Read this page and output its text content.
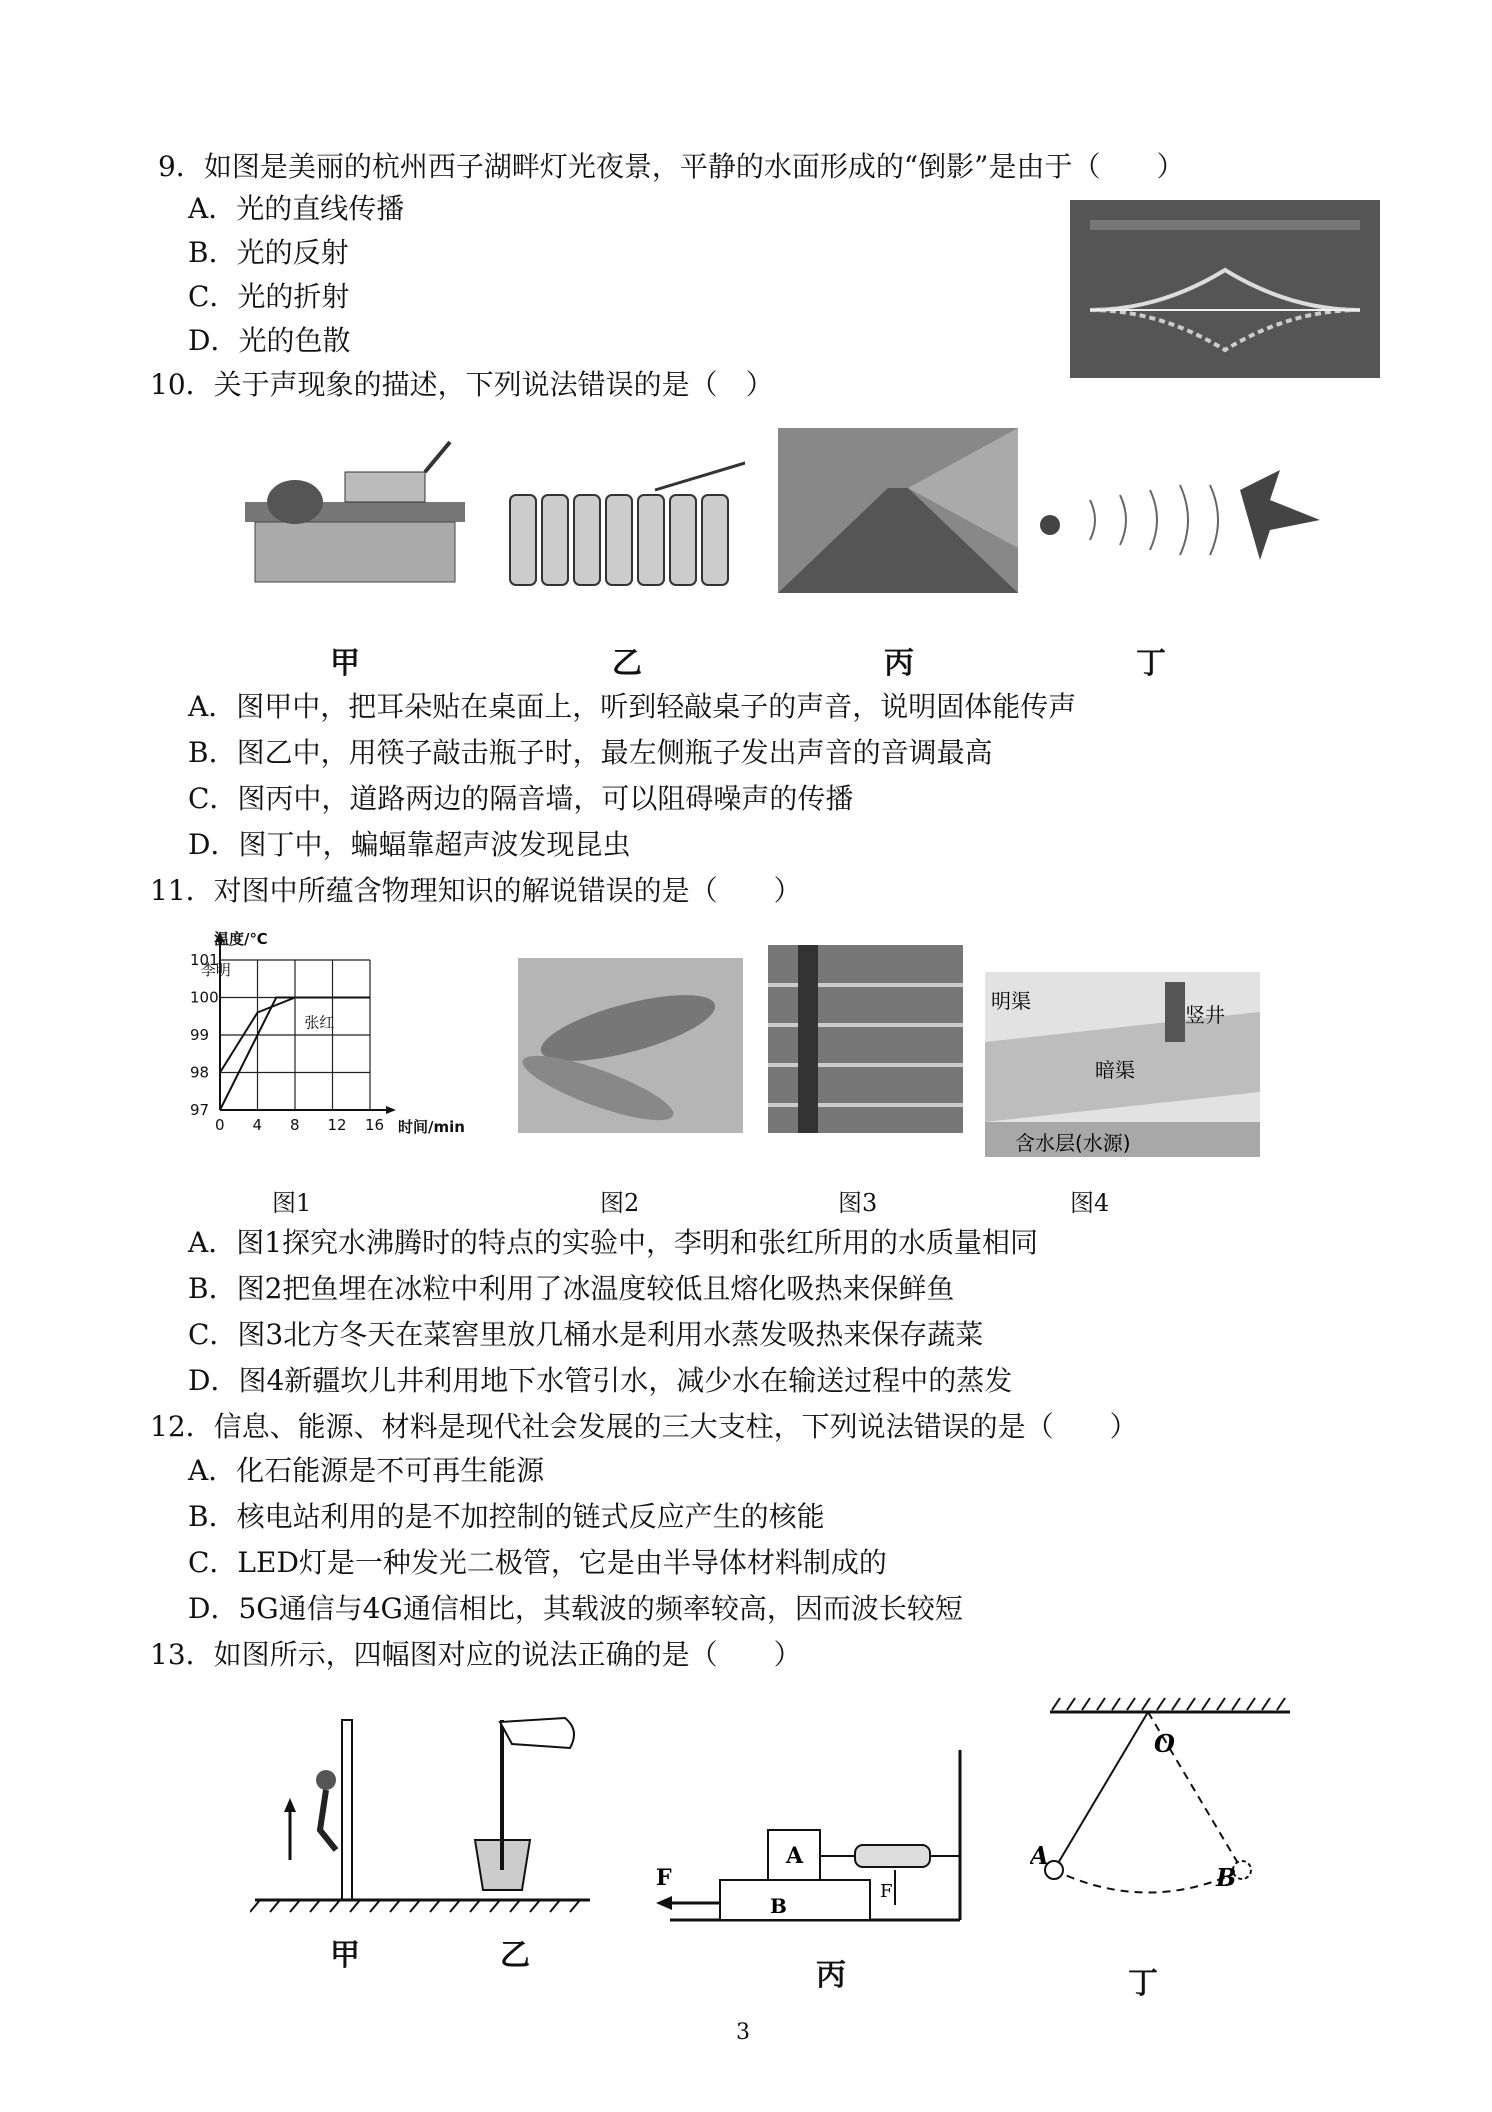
9．如图是美丽的杭州西子湖畔灯光夜景，平静的水面形成的“倒影”是由于（　　）
A．光的直线传播
B．光的反射
C．光的折射
D．光的色散
10．关于声现象的描述，下列说法错误的是（　）
甲	乙	丙	丁
A．图甲中，把耳朵贴在桌面上，听到轻敲桌子的声音，说明固体能传声
B．图乙中，用筷子敲击瓶子时，最左侧瓶子发出声音的音调最高
C．图丙中，道路两边的隔音墙，可以阻碍噪声的传播
D．图丁中，蝙蝠靠超声波发现昆虫
11．对图中所蕴含物理知识的解说错误的是（　　）
李明
张红
0 4 8 12 16
97
98
99
100
101
温度/℃
时间/min
明渠
竖井
暗渠
含水层(水源)
图1	图2	图3	图4
A．图1探究水沸腾时的特点的实验中，李明和张红所用的水质量相同
B．图2把鱼埋在冰粒中利用了冰温度较低且熔化吸热来保鲜鱼
C．图3北方冬天在菜窖里放几桶水是利用水蒸发吸热来保存蔬菜
D．图4新疆坎儿井利用地下水管引水，减少水在输送过程中的蒸发
12．信息、能源、材料是现代社会发展的三大支柱，下列说法错误的是（　　）
A．化石能源是不可再生能源
B．核电站利用的是不加控制的链式反应产生的核能
C．LED灯是一种发光二极管，它是由半导体材料制成的
D．5G通信与4G通信相比，其载波的频率较高，因而波长较短
13．如图所示，四幅图对应的说法正确的是（　　）
甲	乙
F
A
B
F
丙
O
A
B
丁
3
